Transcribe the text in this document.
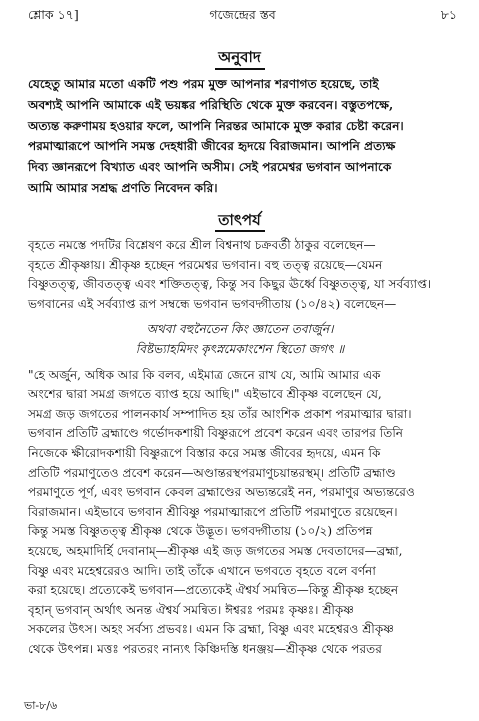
শ্লোক ১৭]	গজেন্দ্রের স্তব	৮১
অনুবাদ

যেহেতু আমার মতো একটি পশু পরম মুক্ত আপনার শরণাগত হয়েছে, তাই

অবশ্যই আপনি আমাকে এই ভয়ঙ্কর পরিস্থিতি থেকে মুক্ত করবেন। বস্তুতপক্ষে,

অত্যন্ত করুণাময় হওয়ার ফলে, আপনি নিরন্তর আমাকে মুক্ত করার চেষ্টা করেন।

পরমাত্মারূপে আপনি সমস্ত দেহধারী জীবের হৃদয়ে বিরাজমান। আপনি প্রত্যক্ষ

দিব্য জ্ঞানরূপে বিখ্যাত এবং আপনি অসীম। সেই পরমেশ্বর ভগবান আপনাকে

আমি আমার সশ্রদ্ধ প্রণতি নিবেদন করি।

তাৎপর্য

বৃহতে নমস্তে পদটির বিশ্লেষণ করে শ্রীল বিশ্বনাথ চক্রবর্তী ঠাকুর বলেছেন—

বৃহতে শ্রীকৃষ্ণায়। শ্রীকৃষ্ণ হচ্ছেন পরমেশ্বর ভগবান। বহু তত্ত্ব রয়েছে—যেমন

বিষ্ণুতত্ত্ব, জীবতত্ত্ব এবং শক্তিতত্ত্ব, কিন্তু সব কিছুর ঊর্ধ্বে বিষ্ণুতত্ত্ব, যা সর্বব্যাপ্ত।

ভগবানের এই সর্বব্যাপ্ত রূপ সম্বন্ধে ভগবান ভগবদ্গীতায় (১০/৪২) বলেছেন—

অথবা বহুনৈতেন কিং জ্ঞাতেন তবার্জুন।

বিষ্টভ্যাহমিদং কৃৎস্নমেকাংশেন স্থিতো জগৎ ॥

"হে অর্জুন, অধিক আর কি বলব, এইমাত্র জেনে রাখ যে, আমি আমার এক

অংশের দ্বারা সমগ্র জগতে ব্যাপ্ত হয়ে আছি।" এইভাবে শ্রীকৃষ্ণ বলেছেন যে,

সমগ্র জড় জগতের পালনকার্য সম্পাদিত হয় তাঁর আংশিক প্রকাশ পরমাত্মার দ্বারা।

ভগবান প্রতিটি ব্রহ্মাণ্ডে গর্ভোদকশায়ী বিষ্ণুরূপে প্রবেশ করেন এবং তারপর তিনি

নিজেকে ক্ষীরোদকশায়ী বিষ্ণুরূপে বিস্তার করে সমস্ত জীবের হৃদয়ে, এমন কি

প্রতিটি পরমাণুতেও প্রবেশ করেন—অণ্ডান্তরস্থপরমাণুচয়ান্তরস্থম্। প্রতিটি ব্রহ্মাণ্ড

পরমাণুতে পূর্ণ, এবং ভগবান কেবল ব্রহ্মাণ্ডের অভ্যন্তরেই নন, পরমাণুর অভ্যন্তরেও

বিরাজমান। এইভাবে ভগবান শ্রীবিষ্ণু পরমাত্মারূপে প্রতিটি পরমাণুতে রয়েছেন।

কিন্তু সমস্ত বিষ্ণুতত্ত্ব শ্রীকৃষ্ণ থেকে উদ্ভূত। ভগবদ্গীতায় (১০/২) প্রতিপন্ন

হয়েছে, অহমাদির্হি দেবানাম্—শ্রীকৃষ্ণ এই জড় জগতের সমস্ত দেবতাদের—ব্রহ্মা,

বিষ্ণু এবং মহেশ্বরেরও আদি। তাই তাঁকে এখানে ভগবতে বৃহতে বলে বর্ণনা

করা হয়েছে। প্রত্যেকেই ভগবান—প্রত্যেকেই ঐশ্বর্য সমন্বিত—কিন্তু শ্রীকৃষ্ণ হচ্ছেন

বৃহান্ ভগবান্ অর্থাৎ অনন্ত ঐশ্বর্য সমন্বিত। ঈশ্বরঃ পরমঃ কৃষ্ণঃ। শ্রীকৃষ্ণ

সকলের উৎস। অহং সর্বস্য প্রভবঃ। এমন কি ব্রহ্মা, বিষ্ণু এবং মহেশ্বরও শ্রীকৃষ্ণ

থেকে উৎপন্ন। মত্তঃ পরতরং নান্যৎ কিঞ্চিদস্তি ধনঞ্জয়—শ্রীকৃষ্ণ থেকে পরতর

ভা-৮/৬
